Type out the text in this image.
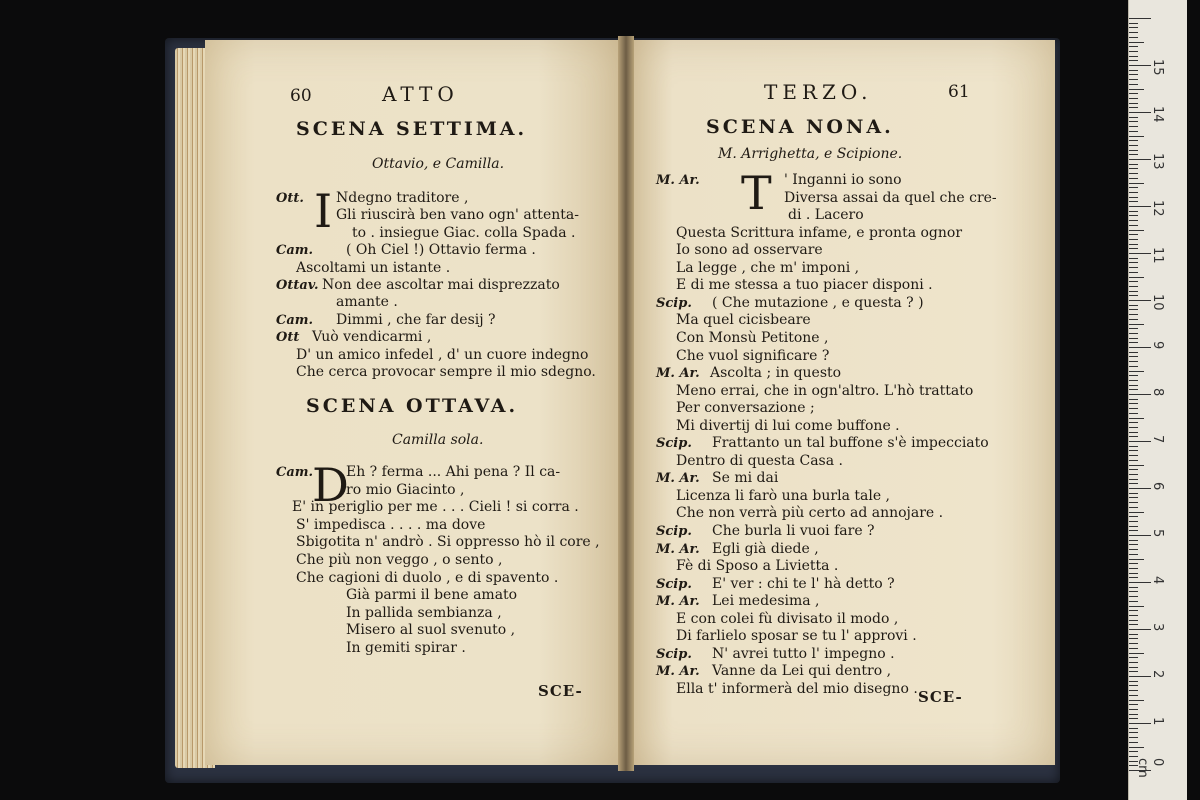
60	ATTO
SCENA SETTIMA.
Ottavio, e Camilla.
I
Ott. Ndegno traditore ,
Gli riuscirà ben vano ogn' attenta-
to . insiegue Giac. colla Spada .
Cam. ( Oh Ciel !) Ottavio ferma .
Ascoltami un istante .
Ottav. Non dee ascoltar mai disprezzato
amante .
Cam. Dimmi , che far desij ?
Ott Vuò vendicarmi ,
D' un amico infedel , d' un cuore indegno
Che cerca provocar sempre il mio sdegno.
SCENA OTTAVA.
Camilla sola.
D
Cam. Eh ? ferma ... Ahi pena ? Il ca-
ro mio Giacinto ,
E' in periglio per me . . . Cieli ! si corra .
S' impedisca . . . . ma dove
Sbigotita n' andrò . Si oppresso hò il core ,
Che più non veggo , o sento ,
Che cagioni di duolo , e di spavento .
Già parmi il bene amato
In pallida sembianza ,
Misero al suol svenuto ,
In gemiti spirar .
SCE-
TERZO.	61
SCENA NONA.
M. Arrighetta, e Scipione.
T
M. Ar.	' Inganni io sono
Diversa assai da quel che cre-
di . Lacero
Questa Scrittura infame, e pronta ognor
Io sono ad osservare
La legge , che m' imponi ,
E di me stessa a tuo piacer disponi .
Scip. ( Che mutazione , e questa ? )
Ma quel cicisbeare
Con Monsù Petitone ,
Che vuol significare ?
M. Ar. Ascolta ; in questo
Meno errai, che in ogn'altro. L'hò trattato
Per conversazione ;
Mi divertij di lui come buffone .
Scip. Frattanto un tal buffone s'è impecciato
Dentro di questa Casa .
M. Ar. Se mi dai
Licenza li farò una burla tale ,
Che non verrà più certo ad annojare .
Scip. Che burla li vuoi fare ?
M. Ar. Egli già diede ,
Fè di Sposo a Livietta .
Scip. E' ver : chi te l' hà detto ?
M. Ar. Lei medesima ,
E con colei fù divisato il modo ,
Di farlielo sposar se tu l' approvi .
Scip. N' avrei tutto l' impegno .
M. Ar. Vanne da Lei qui dentro ,
Ella t' informerà del mio disegno . SCE-
0 cm
1
2
3
4
5
6
7
8
9
10
11
12
13
14
15
